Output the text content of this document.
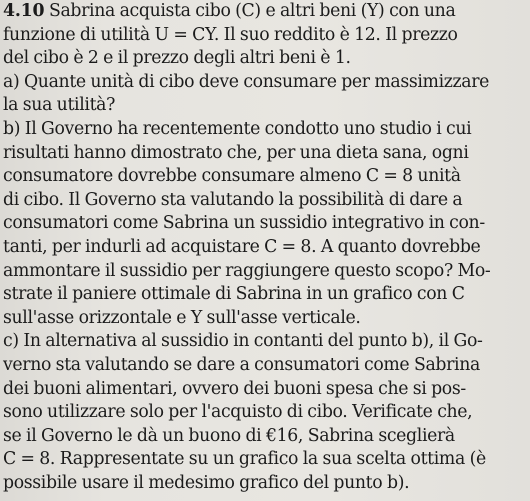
4.10 Sabrina acquista cibo (C) e altri beni (Y) con una
funzione di utilità U = CY. Il suo reddito è 12. Il prezzo
del cibo è 2 e il prezzo degli altri beni è 1.
a) Quante unità di cibo deve consumare per massimizzare
la sua utilità?
b) Il Governo ha recentemente condotto uno studio i cui
risultati hanno dimostrato che, per una dieta sana, ogni
consumatore dovrebbe consumare almeno C = 8 unità
di cibo. Il Governo sta valutando la possibilità di dare a
consumatori come Sabrina un sussidio integrativo in con-
tanti, per indurli ad acquistare C = 8. A quanto dovrebbe
ammontare il sussidio per raggiungere questo scopo? Mo-
strate il paniere ottimale di Sabrina in un grafico con C
sull'asse orizzontale e Y sull'asse verticale.
c) In alternativa al sussidio in contanti del punto b), il Go-
verno sta valutando se dare a consumatori come Sabrina
dei buoni alimentari, ovvero dei buoni spesa che si pos-
sono utilizzare solo per l'acquisto di cibo. Verificate che,
se il Governo le dà un buono di €16, Sabrina sceglierà
C = 8. Rappresentate su un grafico la sua scelta ottima (è
possibile usare il medesimo grafico del punto b).
